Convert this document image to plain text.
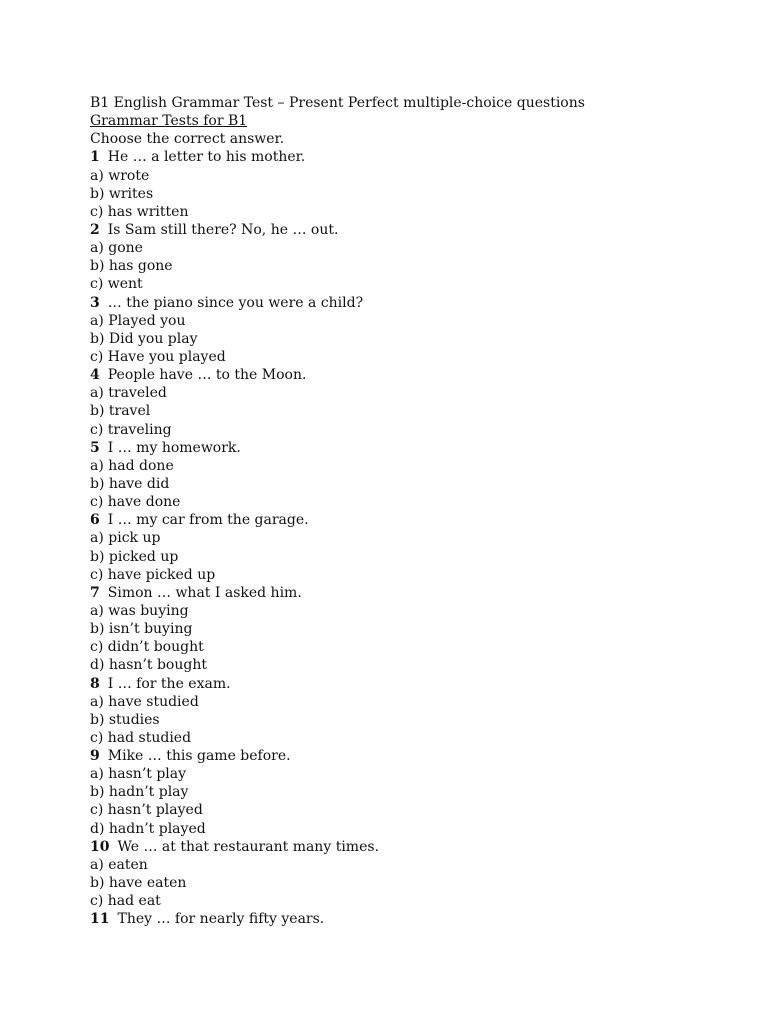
B1 English Grammar Test – Present Perfect multiple-choice questions
Grammar Tests for B1
Choose the correct answer.
1 He … a letter to his mother.
a) wrote
b) writes
c) has written
2 Is Sam still there? No, he … out.
a) gone
b) has gone
c) went
3 … the piano since you were a child?
a) Played you
b) Did you play
c) Have you played
4 People have … to the Moon.
a) traveled
b) travel
c) traveling
5 I … my homework.
a) had done
b) have did
c) have done
6 I … my car from the garage.
a) pick up
b) picked up
c) have picked up
7 Simon … what I asked him.
a) was buying
b) isn’t buying
c) didn’t bought
d) hasn’t bought
8 I … for the exam.
a) have studied
b) studies
c) had studied
9 Mike … this game before.
a) hasn’t play
b) hadn’t play
c) hasn’t played
d) hadn’t played
10 We … at that restaurant many times.
a) eaten
b) have eaten
c) had eat
11 They … for nearly fifty years.
